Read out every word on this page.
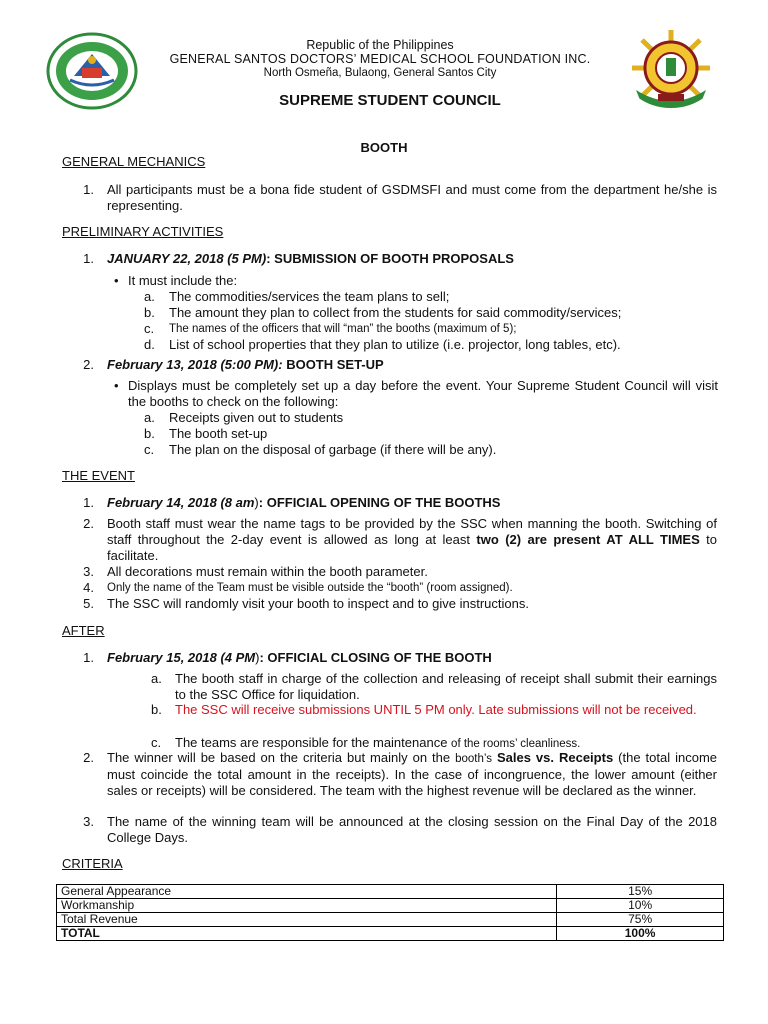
Republic of the Philippines
GENERAL SANTOS DOCTORS’ MEDICAL SCHOOL FOUNDATION INC.
North Osmeña, Bulaong, General Santos City
SUPREME STUDENT COUNCIL
BOOTH
GENERAL MECHANICS
1. All participants must be a bona fide student of GSDMSFI and must come from the department he/she is representing.
PRELIMINARY ACTIVITIES
1. JANUARY 22, 2018 (5 PM): SUBMISSION OF BOOTH PROPOSALS
• It must include the:
a. The commodities/services the team plans to sell;
b. The amount they plan to collect from the students for said commodity/services;
c.	The names of the officers that will “man” the booths (maximum of 5);
d. List of school properties that they plan to utilize (i.e. projector, long tables, etc).
2. February 13, 2018 (5:00 PM): BOOTH SET-UP
• Displays must be completely set up a day before the event. Your Supreme Student Council will visit the booths to check on the following:
a. Receipts given out to students
b. The booth set-up
c. The plan on the disposal of garbage (if there will be any).
THE EVENT
1. February 14, 2018 (8 am): OFFICIAL OPENING OF THE BOOTHS
2. Booth staff must wear the name tags to be provided by the SSC when manning the booth. Switching of staff throughout the 2-day event is allowed as long at least two (2) are present AT ALL TIMES to facilitate.
3. All decorations must remain within the booth parameter.
4. Only the name of the Team must be visible outside the “booth” (room assigned).
5. The SSC will randomly visit your booth to inspect and to give instructions.
AFTER
1. February 15, 2018 (4 PM): OFFICIAL CLOSING OF THE BOOTH
a. The booth staff in charge of the collection and releasing of receipt shall submit their earnings to the SSC Office for liquidation.
b. The SSC will receive submissions UNTIL 5 PM only. Late submissions will not be received.
c. The teams are responsible for the maintenance of the rooms’ cleanliness.
2. The winner will be based on the criteria but mainly on the booth’s Sales vs. Receipts (the total income must coincide the total amount in the receipts). In the case of incongruence, the lower amount (either sales or receipts) will be considered. The team with the highest revenue will be declared as the winner.
3. The name of the winning team will be announced at the closing session on the Final Day of the 2018 College Days.
CRITERIA
General Appearance	15%
Workmanship	10%
Total Revenue	75%
TOTAL	100%
